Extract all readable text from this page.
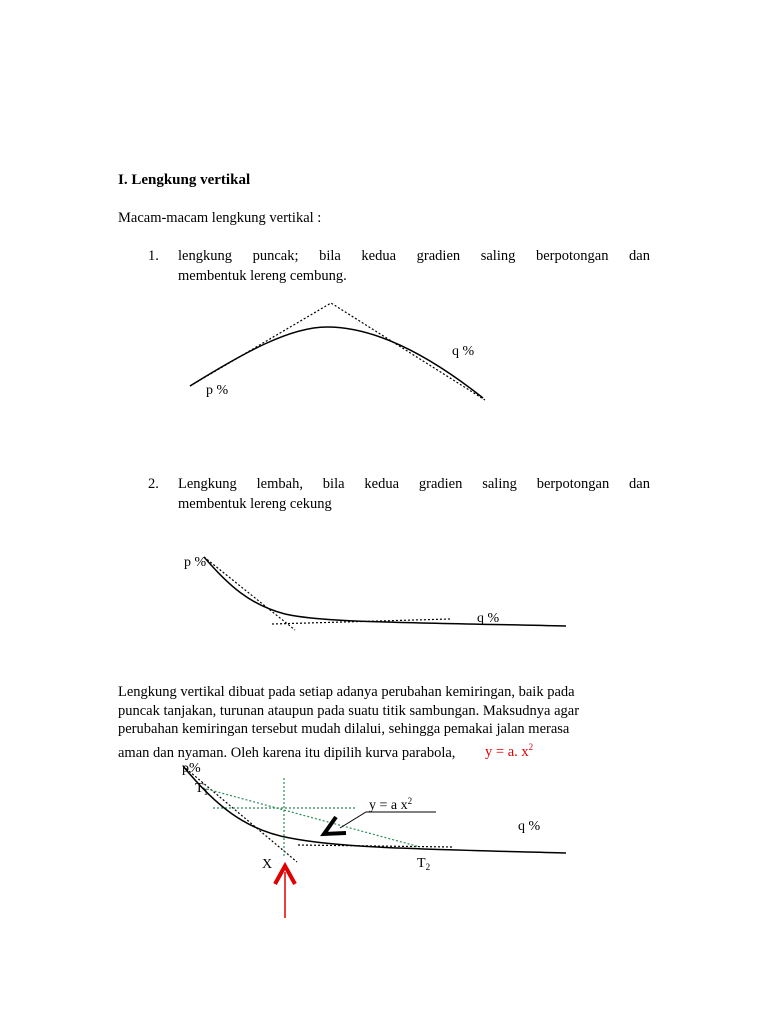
I. Lengkung vertikal
Macam-macam lengkung vertikal :
1. lengkung puncak; bila kedua gradien saling berpotongan dan
membentuk lereng cembung.
q %
p %
2. Lengkung lembah, bila kedua gradien saling berpotongan dan
membentuk lereng cekung
p %
q %
Lengkung vertikal dibuat pada setiap adanya perubahan kemiringan, baik pada
puncak tanjakan, turunan ataupun pada suatu titik sambungan. Maksudnya agar
perubahan kemiringan tersebut mudah dilalui, sehingga pemakai jalan merasa
aman dan nyaman. Oleh karena itu dipilih kurva parabola, y = a. $x^2$
p%
$T_1$
y = a $x^2$
q %
X	$T_2$
